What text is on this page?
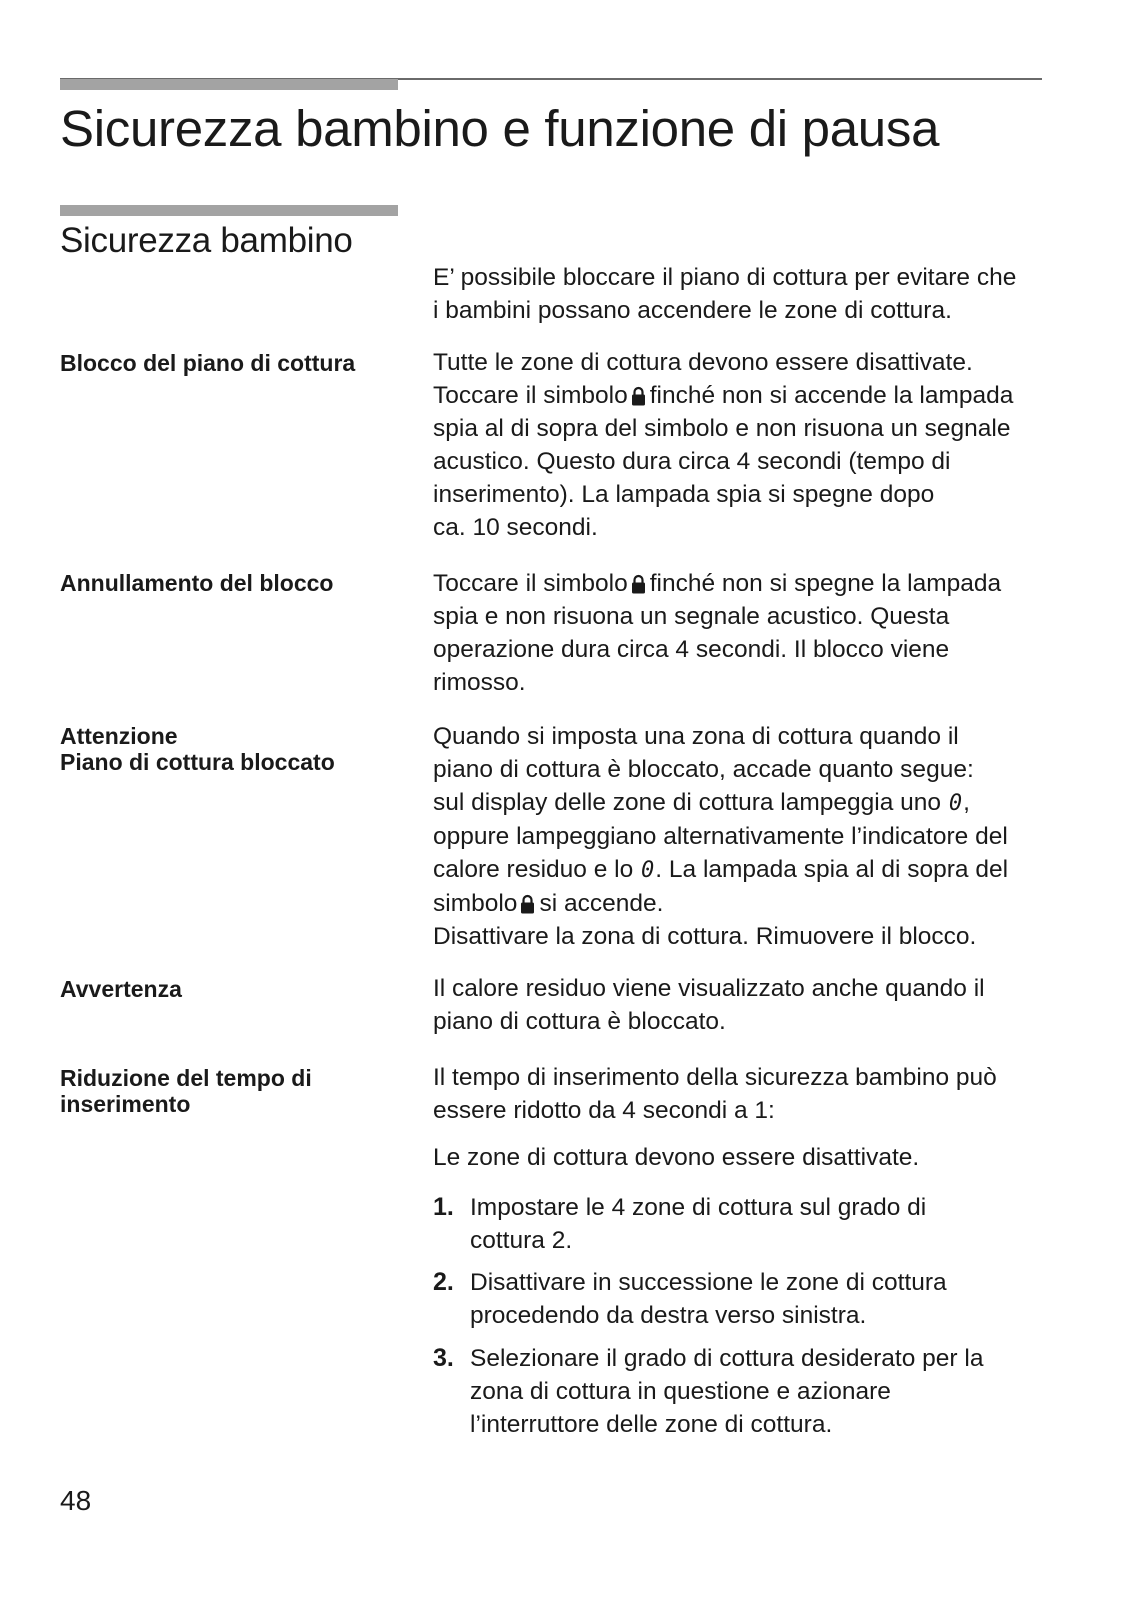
Sicurezza bambino e funzione di pausa
Sicurezza bambino

E’ possibile bloccare il piano di cottura per evitare che

i bambini possano accendere le zone di cottura.

Blocco del piano di cottura	Tutte le zone di cottura devono essere disattivate.

Toccare il simbolo finché non si accende la lampada

spia al di sopra del simbolo e non risuona un segnale

acustico. Questo dura circa 4 secondi (tempo di

inserimento). La lampada spia si spegne dopo

ca. 10 secondi.

Annullamento del blocco	Toccare il simbolo finché non si spegne la lampada

spia e non risuona un segnale acustico. Questa

operazione dura circa 4 secondi. Il blocco viene

rimosso.

Attenzione
Piano di cottura bloccato

Quando si imposta una zona di cottura quando il

piano di cottura è bloccato, accade quanto segue:

sul display delle zone di cottura lampeggia uno 0,

oppure lampeggiano alternativamente l’indicatore del

calore residuo e lo 0. La lampada spia al di sopra del

simbolo si accende.

Disattivare la zona di cottura. Rimuovere il blocco.

Avvertenza	Il calore residuo viene visualizzato anche quando il

piano di cottura è bloccato.

Riduzione del tempo di
inserimento

Il tempo di inserimento della sicurezza bambino può

essere ridotto da 4 secondi a 1:

Le zone di cottura devono essere disattivate.
1. Impostare le 4 zone di cottura sul grado di
cottura 2.
2. Disattivare in successione le zone di cottura
procedendo da destra verso sinistra.
3. Selezionare il grado di cottura desiderato per la
zona di cottura in questione e azionare
l’interruttore delle zone di cottura.
48
